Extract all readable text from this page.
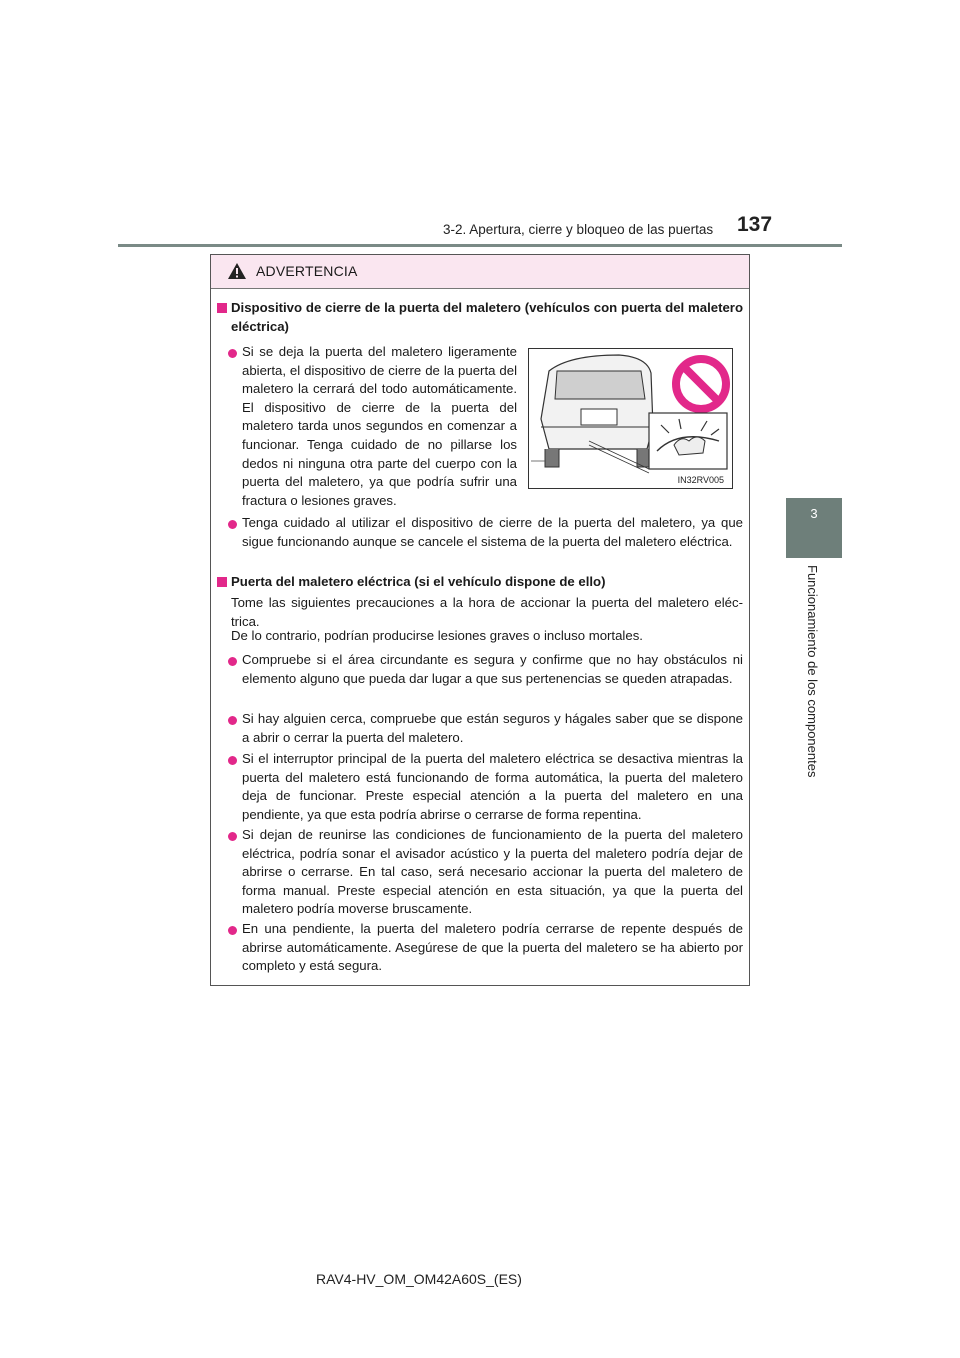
3-2. Apertura, cierre y bloqueo de las puertas 137
3
Funcionamiento de los componentes
ADVERTENCIA
Dispositivo de cierre de la puerta del maletero (vehículos con puerta del maletero eléctrica)
Si se deja la puerta del maletero ligeramente abierta, el dispositivo de cierre de la puerta del maletero la cerrará del todo automáticamente. El dispositivo de cierre de la puerta del maletero tarda unos segundos en comenzar a funcionar. Tenga cuidado de no pillarse los dedos ni ninguna otra parte del cuerpo con la puerta del maletero, ya que podría sufrir una fractura o lesiones graves.
IN32RV005
Tenga cuidado al utilizar el dispositivo de cierre de la puerta del maletero, ya que sigue funcionando aunque se cancele el sistema de la puerta del maletero eléctrica.
Puerta del maletero eléctrica (si el vehículo dispone de ello)
Tome las siguientes precauciones a la hora de accionar la puerta del maletero eléctrica.
De lo contrario, podrían producirse lesiones graves o incluso mortales.
Compruebe si el área circundante es segura y confirme que no hay obstáculos ni elemento alguno que pueda dar lugar a que sus pertenencias se queden atrapadas.
Si hay alguien cerca, compruebe que están seguros y hágales saber que se dispone a abrir o cerrar la puerta del maletero.
Si el interruptor principal de la puerta del maletero eléctrica se desactiva mientras la puerta del maletero está funcionando de forma automática, la puerta del maletero deja de funcionar. Preste especial atención a la puerta del maletero en una pendiente, ya que esta podría abrirse o cerrarse de forma repentina.
Si dejan de reunirse las condiciones de funcionamiento de la puerta del maletero eléctrica, podría sonar el avisador acústico y la puerta del maletero podría dejar de abrirse o cerrarse. En tal caso, será necesario accionar la puerta del maletero de forma manual. Preste especial atención en esta situación, ya que la puerta del maletero podría moverse bruscamente.
En una pendiente, la puerta del maletero podría cerrarse de repente después de abrirse automáticamente. Asegúrese de que la puerta del maletero se ha abierto por completo y está segura.
RAV4-HV_OM_OM42A60S_(ES)
